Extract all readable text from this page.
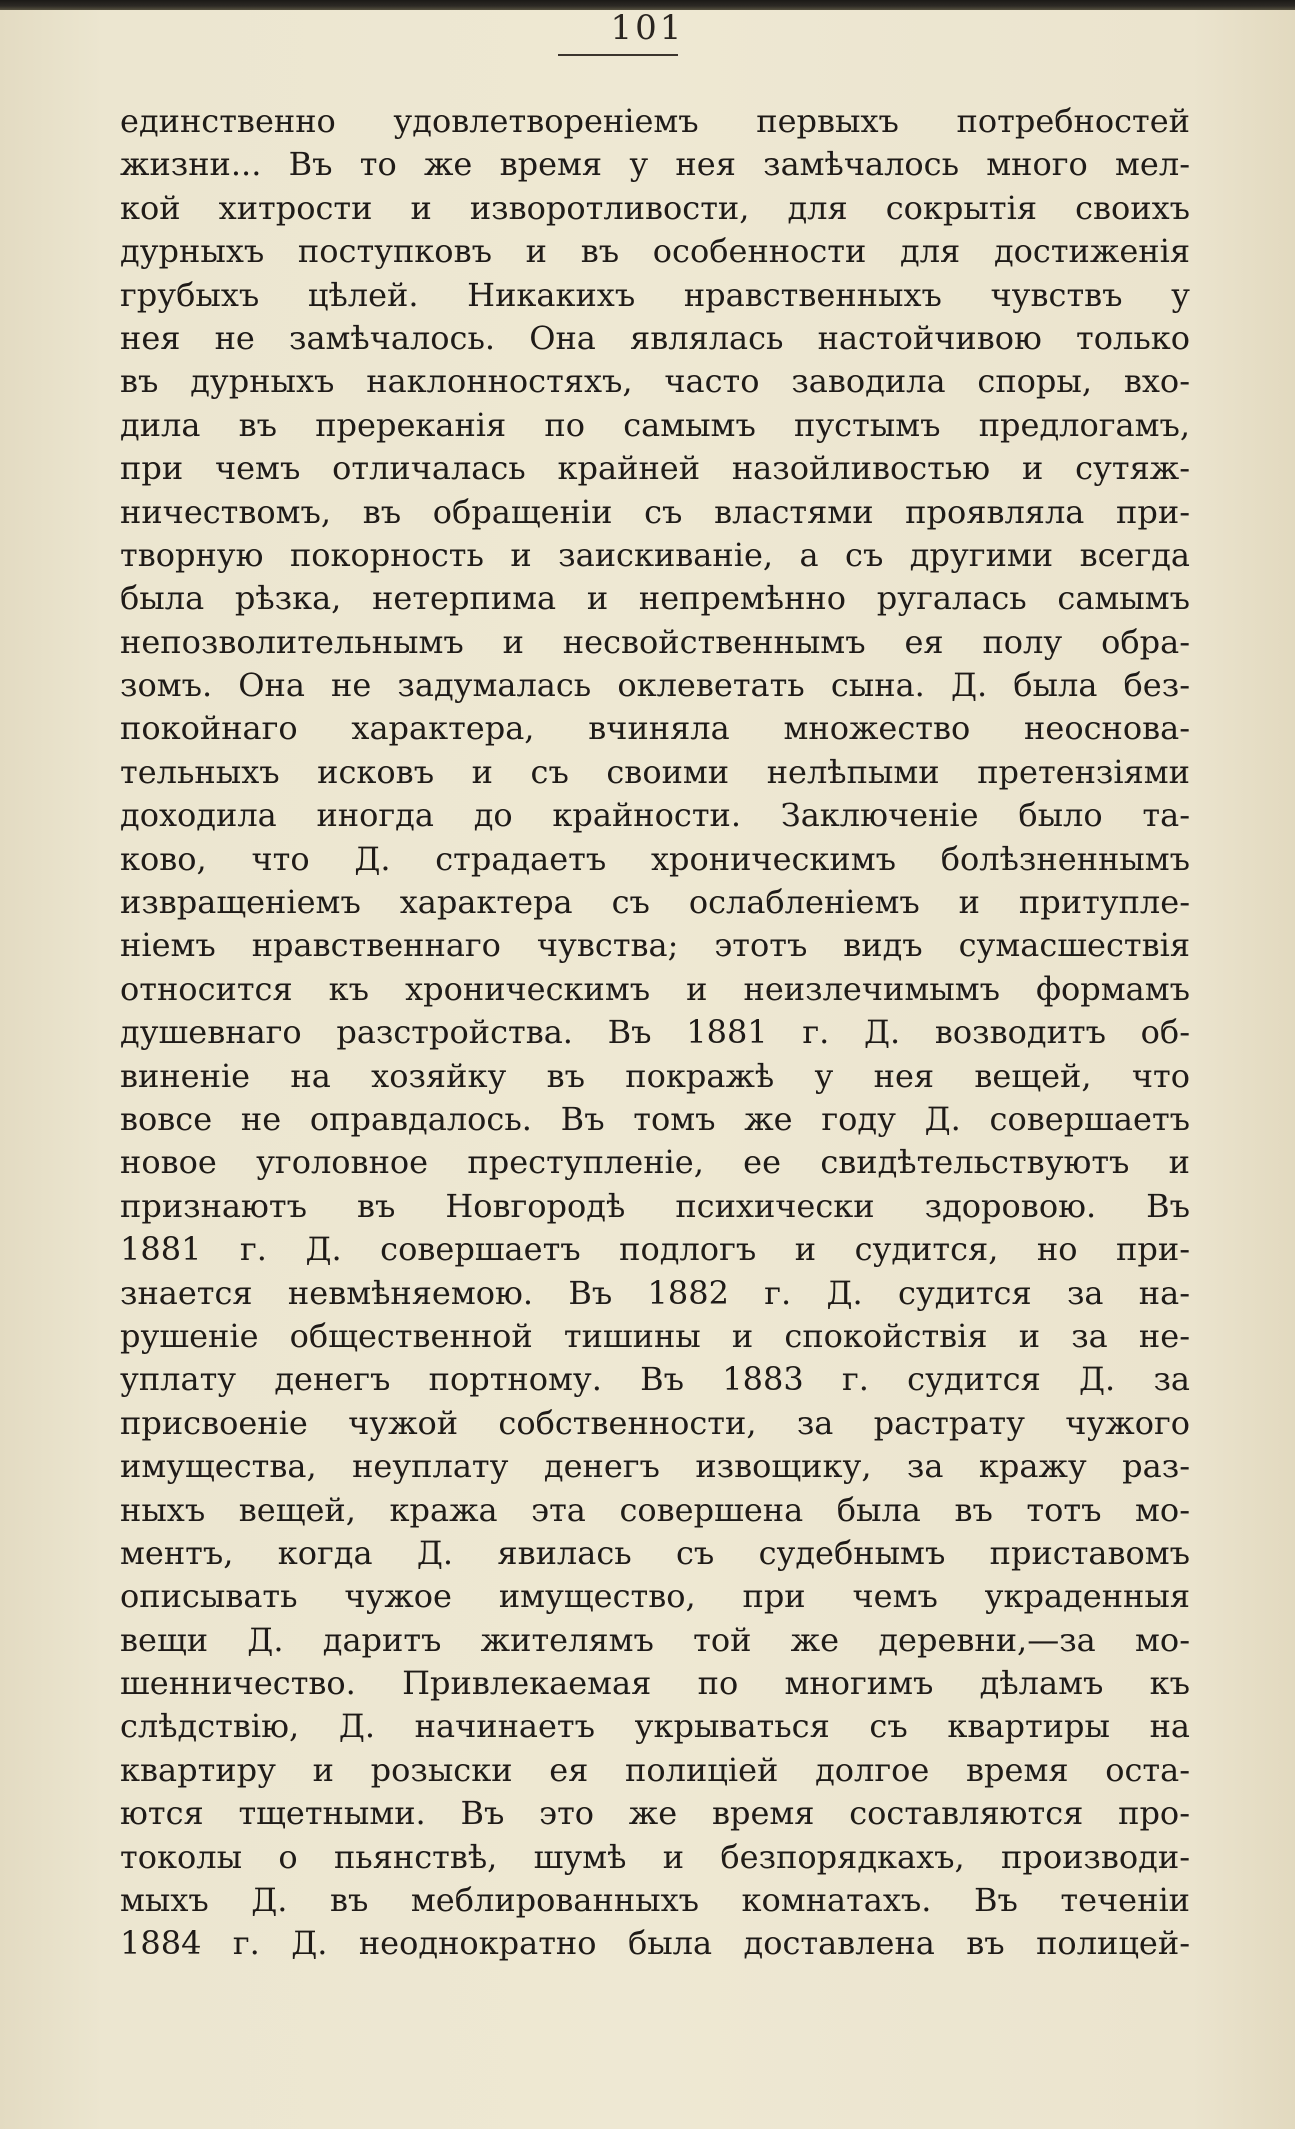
101
единственно удовлетворенiемъ первыхъ потребностей
жизни... Въ то же время у нея замѣчалось много мел-
кой хитрости и изворотливости, для сокрытiя своихъ
дурныхъ поступковъ и въ особенности для достиженiя
грубыхъ цѣлей. Никакихъ нравственныхъ чувствъ у
нея не замѣчалось. Она являлась настойчивою только
въ дурныхъ наклонностяхъ, часто заводила споры, вхо-
дила въ пререканiя по самымъ пустымъ предлогамъ,
при чемъ отличалась крайней назойливостью и сутяж-
ничествомъ, въ обращенiи съ властями проявляла при-
творную покорность и заискиванiе, а съ другими всегда
была рѣзка, нетерпима и непремѣнно ругалась самымъ
непозволительнымъ и несвойственнымъ ея полу обра-
зомъ. Она не задумалась оклеветать сына. Д. была без-
покойнаго характера, вчиняла множество неоснова-
тельныхъ исковъ и съ своими нелѣпыми претензiями
доходила иногда до крайности. Заключенiе было та-
ково, что Д. страдаетъ хроническимъ болѣзненнымъ
извращенiемъ характера съ ослабленiемъ и притупле-
нiемъ нравственнаго чувства; этотъ видъ сумасшествiя
относится къ хроническимъ и неизлечимымъ формамъ
душевнаго разстройства. Въ 1881 г. Д. возводитъ об-
виненiе на хозяйку въ покражѣ у нея вещей, что
вовсе не оправдалось. Въ томъ же году Д. совершаетъ
новое уголовное преступленiе, ее свидѣтельствуютъ и
признаютъ въ Новгородѣ психически здоровою. Въ
1881 г. Д. совершаетъ подлогъ и судится, но при-
знается невмѣняемою. Въ 1882 г. Д. судится за на-
рушенiе общественной тишины и спокойствiя и за не-
уплату денегъ портному. Въ 1883 г. судится Д. за
присвоенiе чужой собственности, за растрату чужого
имущества, неуплату денегъ извощику, за кражу раз-
ныхъ вещей, кража эта совершена была въ тотъ мо-
ментъ, когда Д. явилась съ судебнымъ приставомъ
описывать чужое имущество, при чемъ украденныя
вещи Д. даритъ жителямъ той же деревни,—за мо-
шенничество. Привлекаемая по многимъ дѣламъ къ
слѣдствiю, Д. начинаетъ укрываться съ квартиры на
квартиру и розыски ея полицiей долгое время оста-
ются тщетными. Въ это же время составляются про-
токолы о пьянствѣ, шумѣ и безпорядкахъ, производи-
мыхъ Д. въ меблированныхъ комнатахъ. Въ теченiи
1884 г. Д. неоднократно была доставлена въ полицей-
